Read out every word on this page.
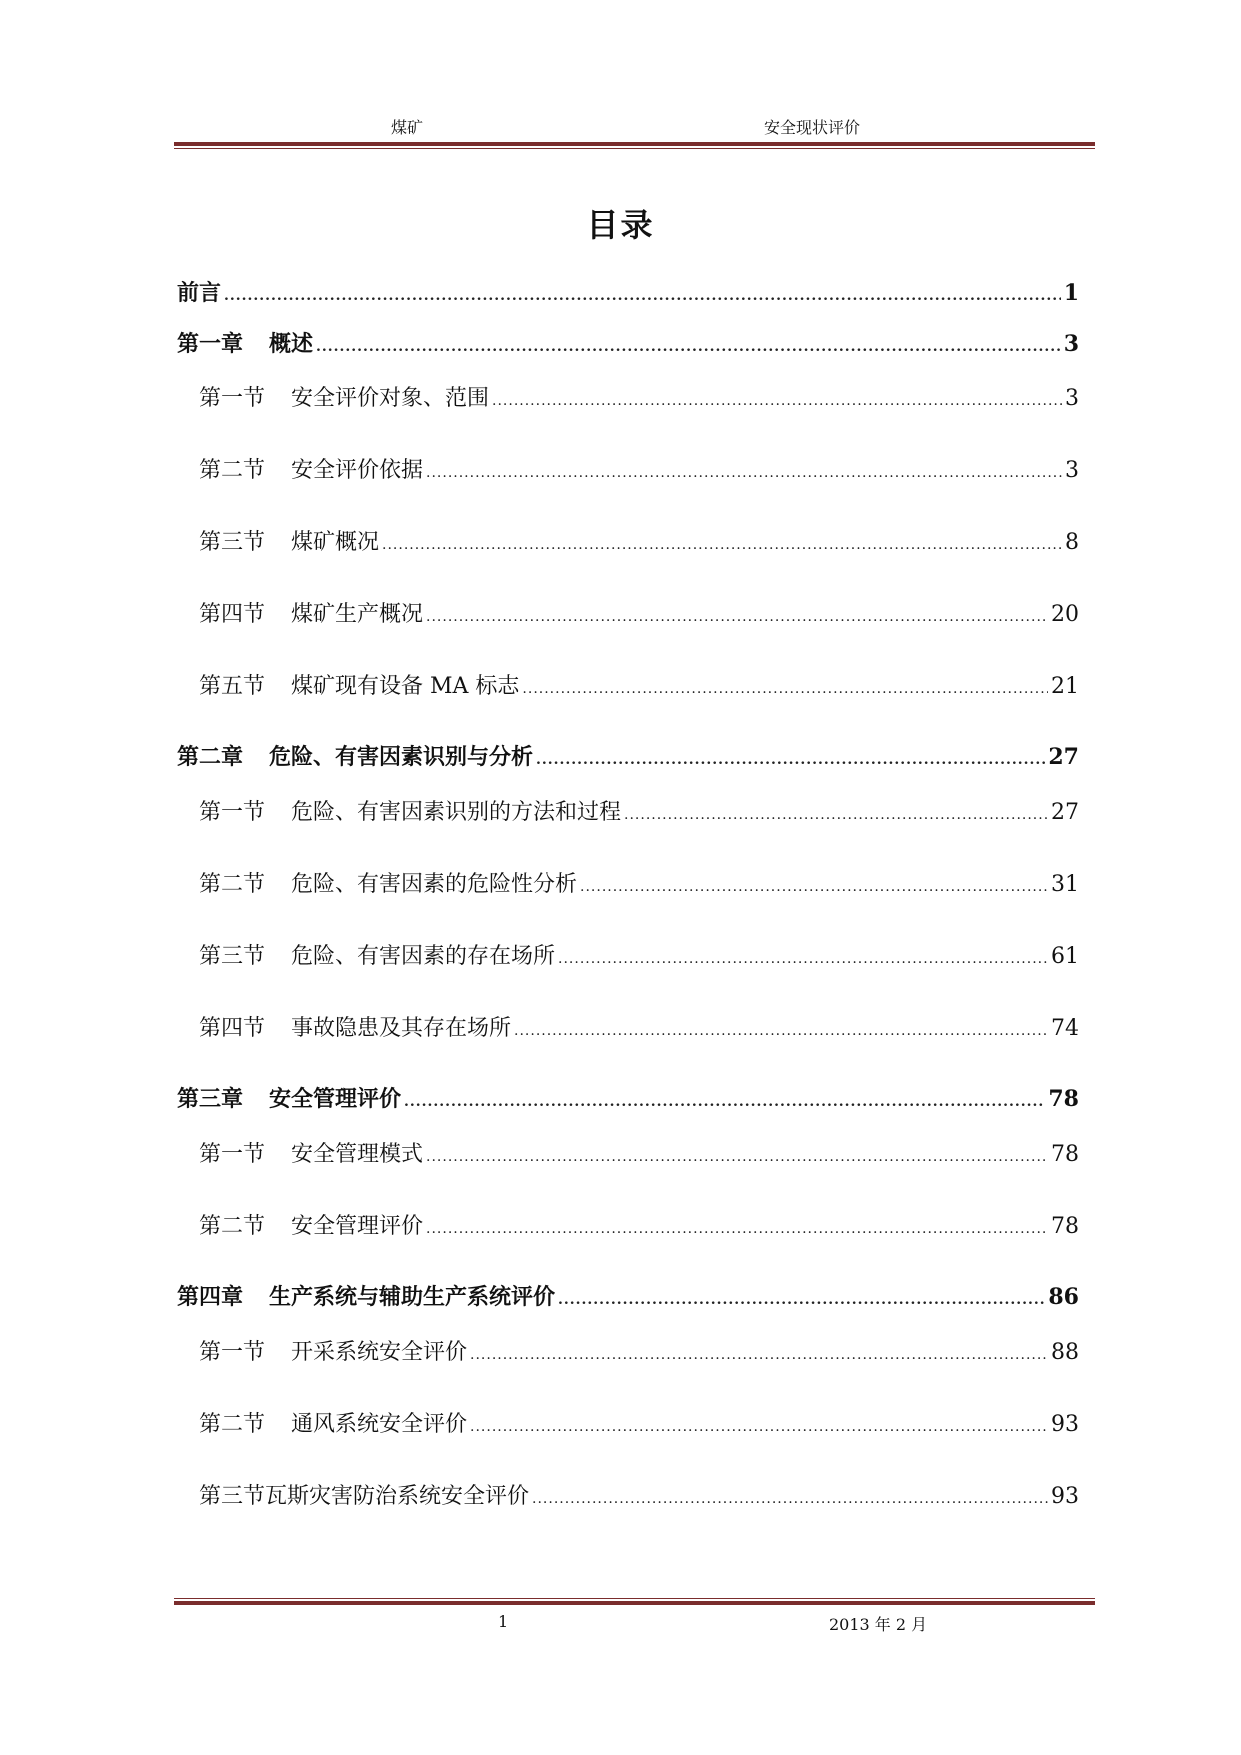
煤矿	安全现状评价
目录
前言 .....	1
第一章 概述 .....	3
第一节 安全评价对象、范围 .....	3
第二节 安全评价依据 .....	3
第三节 煤矿概况 .....	8
第四节 煤矿生产概况 .....	20
第五节 煤矿现有设备 MA 标志 .....	21
第二章 危险、有害因素识别与分析 .....	27
第一节 危险、有害因素识别的方法和过程 .....	27
第二节 危险、有害因素的危险性分析 .....	31
第三节 危险、有害因素的存在场所 .....	61
第四节 事故隐患及其存在场所 .....	74
第三章 安全管理评价 .....	78
第一节 安全管理模式 .....	78
第二节 安全管理评价 .....	78
第四章 生产系统与辅助生产系统评价 .....	86
第一节 开采系统安全评价 .....	88
第二节 通风系统安全评价 .....	93
第三节 瓦斯灾害防治系统安全评价 .....	93
1	2013 年 2 月
